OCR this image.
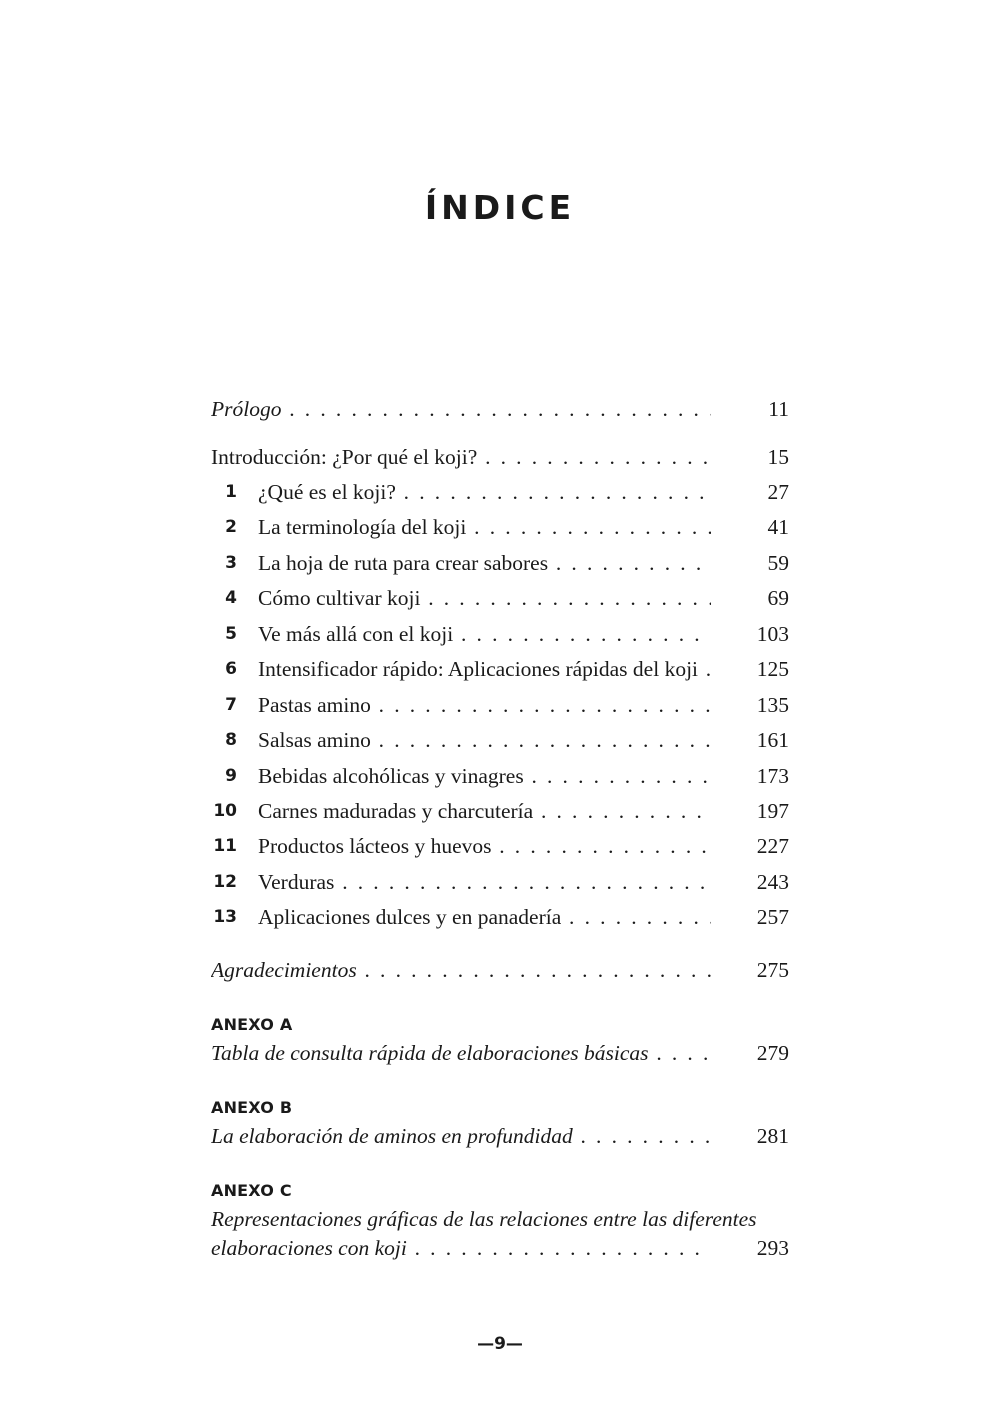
ÍNDICE
Prólogo . . .	11
Introducción: ¿Por qué el koji? . . .	15
1 ¿Qué es el koji? . . .	27
2 La terminología del koji . . .	41
3 La hoja de ruta para crear sabores . . .	59
4 Cómo cultivar koji . . .	69
5 Ve más allá con el koji . . .	103
6 Intensificador rápido: Aplicaciones rápidas del koji . . .	125
7 Pastas amino . . .	135
8 Salsas amino . . .	161
9 Bebidas alcohólicas y vinagres . . .	173
10 Carnes maduradas y charcutería . . .	197
11 Productos lácteos y huevos . . .	227
12 Verduras . . .	243
13 Aplicaciones dulces y en panadería . . .	257
Agradecimientos . . .	275
ANEXO A
Tabla de consulta rápida de elaboraciones básicas . . .	279
ANEXO B
La elaboración de aminos en profundidad . . .	281
ANEXO C
Representaciones gráficas de las relaciones entre las diferentes
elaboraciones con koji . . .	293
—9—
